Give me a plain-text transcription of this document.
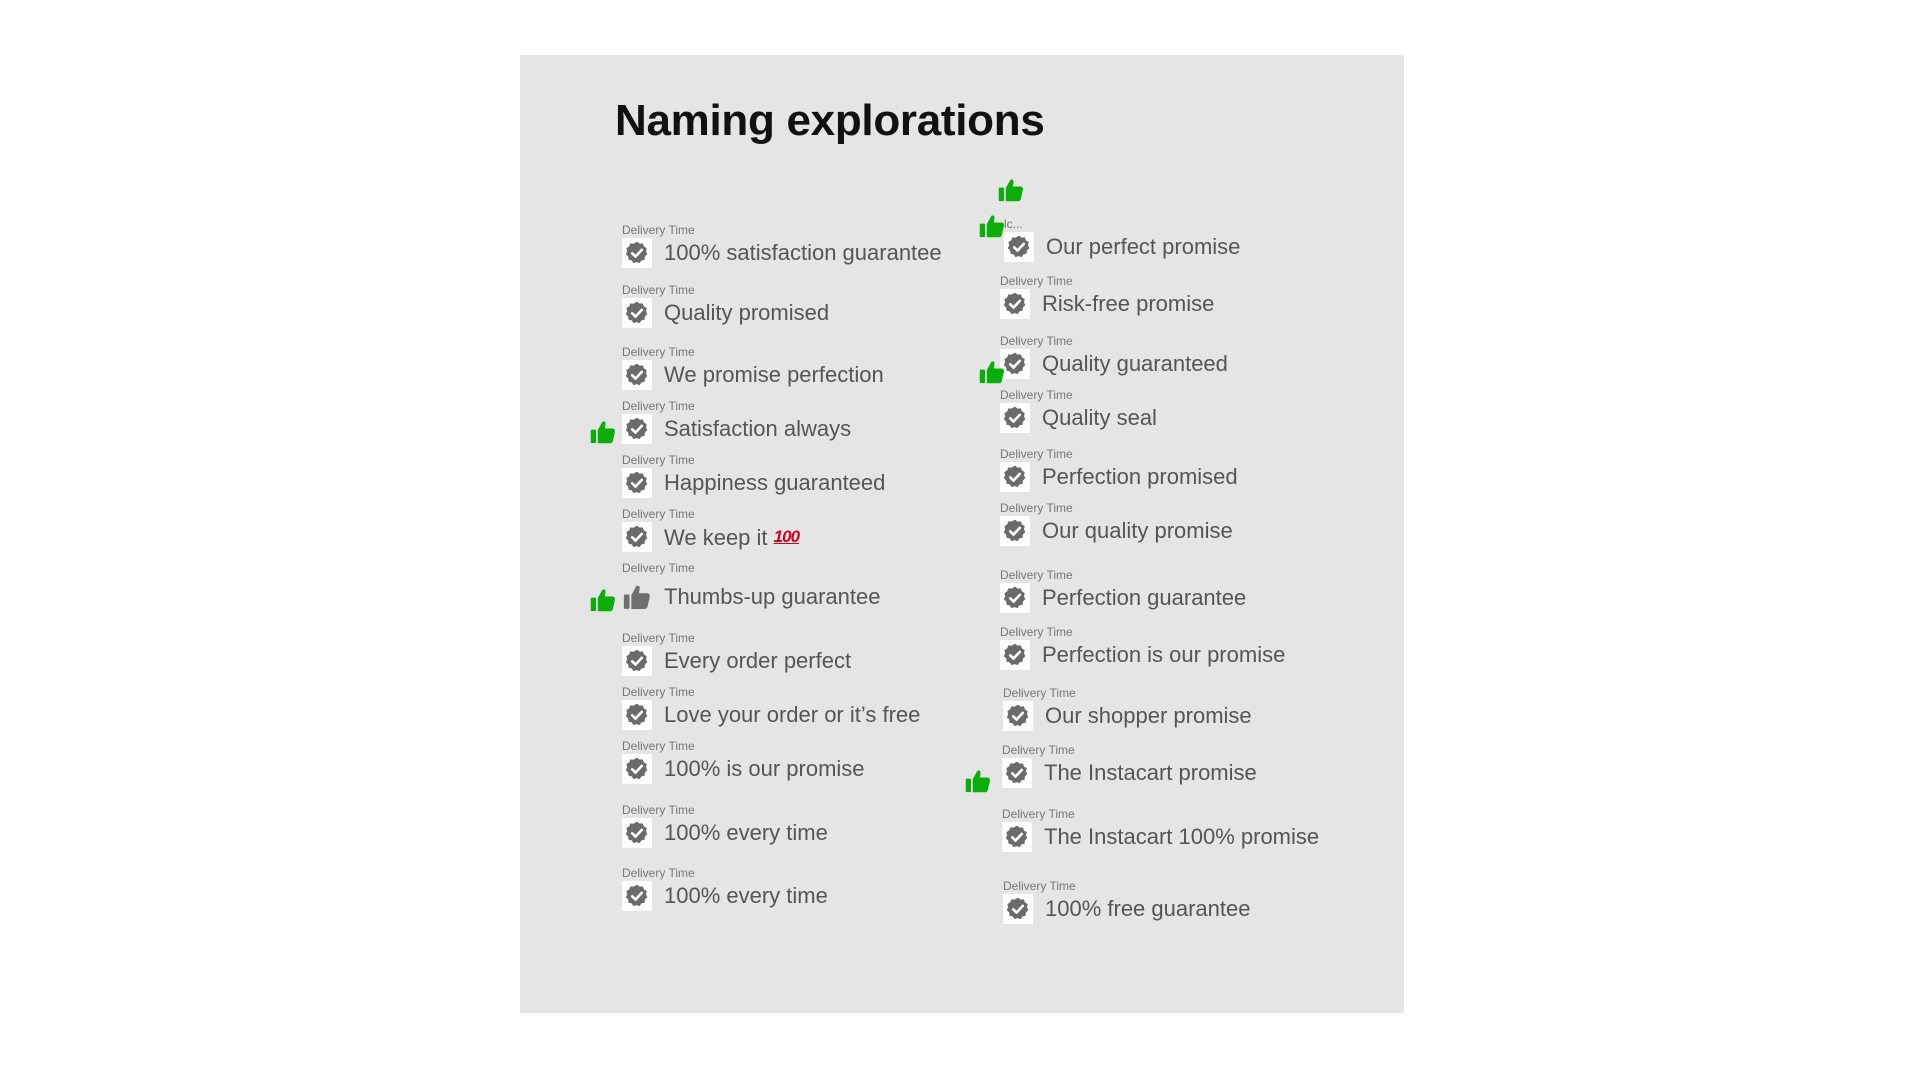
Naming explorations
Delivery Time
100% satisfaction guarantee
Delivery Time
Quality promised
Delivery Time
We promise perfection
Delivery Time
Satisfaction always
Delivery Time
Happiness guaranteed
Delivery Time
We keep it 100
Delivery Time
Thumbs-up guarantee
Delivery Time
Every order perfect
Delivery Time
Love your order or it’s free
Delivery Time
100% is our promise
Delivery Time
100% every time
Delivery Time
100% every time
lc...
Our perfect promise
Delivery Time
Risk-free promise
Delivery Time
Quality guaranteed
Delivery Time
Quality seal
Delivery Time
Perfection promised
Delivery Time
Our quality promise
Delivery Time
Perfection guarantee
Delivery Time
Perfection is our promise
Delivery Time
Our shopper promise
Delivery Time
The Instacart promise
Delivery Time
The Instacart 100% promise
Delivery Time
100% free guarantee
